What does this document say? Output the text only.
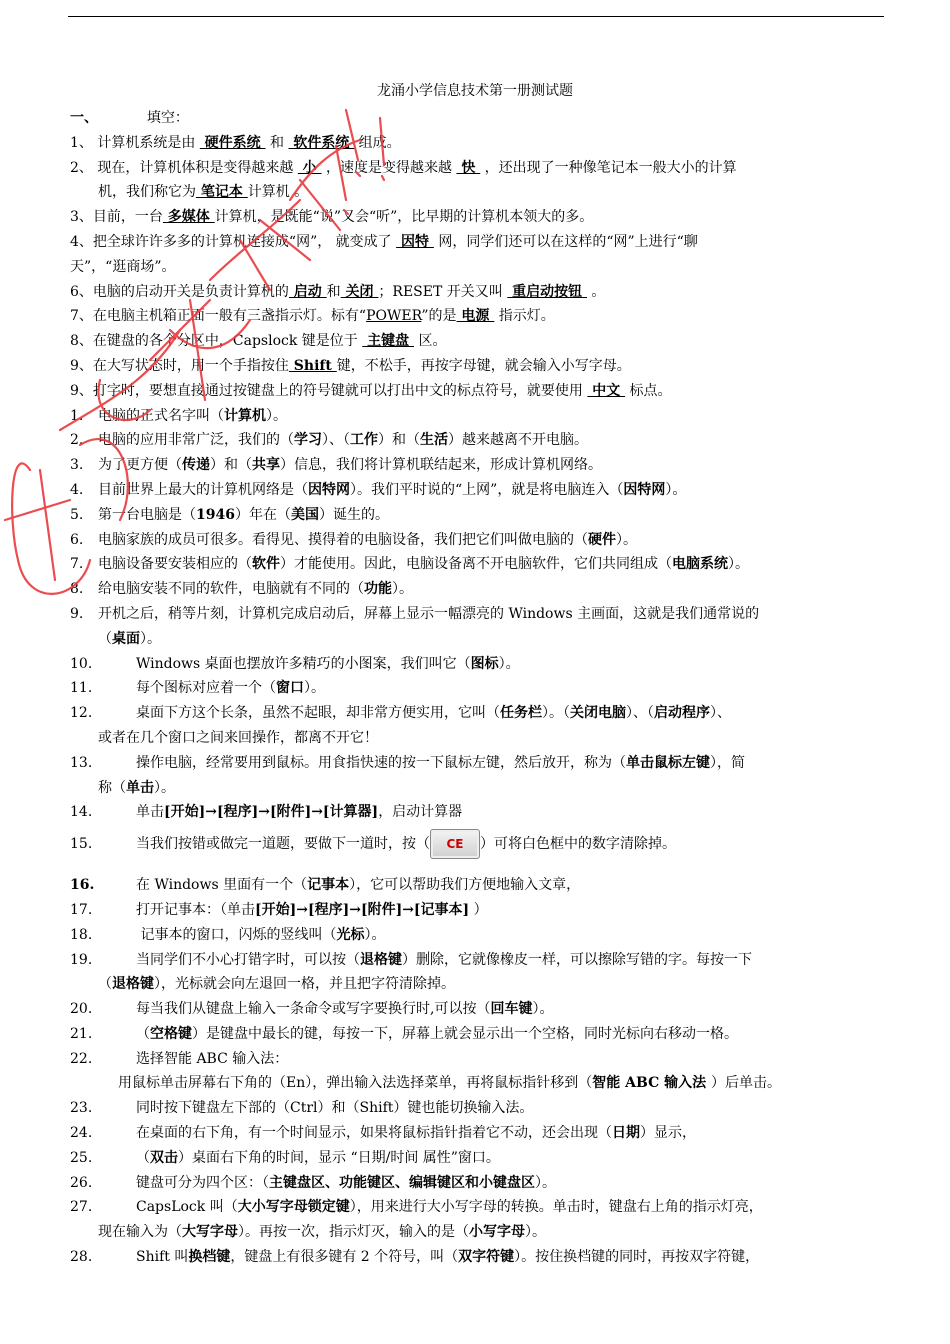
龙涌小学信息技术第一册测试题
一、	填空：
1、 计算机系统是由  硬件系统  和  软件系统  组成。
2、 现在，计算机体积是变得越来越  小  ，速度是变得越来越  快  ，还出现了一种像笔记本一般大小的计算
机，我们称它为 笔记本 计算机 。
3、目前，一台 多媒体 计算机，是既能“说”又会“听”，比早期的计算机本领大的多。
4、把全球许许多多的计算机连接成“网”， 就变成了  因特  网，同学们还可以在这样的“网”上进行“聊
天”，“逛商场”。
6、电脑的启动开关是负责计算机的 启动 和 关闭 ；RESET 开关又叫  重启动按钮  。
7、在电脑主机箱正面一般有三盏指示灯。标有“POWER”的是 电源  指示灯。
8、在键盘的各个分区中，Capslock 键是位于  主键盘  区。
9、在大写状态时，用一个手指按住 Shift 键，不松手，再按字母键，就会输入小写字母。
9、打字时，要想直接通过按键盘上的符号键就可以打出中文的标点符号，就要使用  中文  标点。
1. 电脑的正式名字叫（计算机）。
2. 电脑的应用非常广泛，我们的（学习）、（工作）和（生活）越来越离不开电脑。
3. 为了更方便（传递）和（共享）信息，我们将计算机联结起来，形成计算机网络。
4. 目前世界上最大的计算机网络是（因特网）。我们平时说的“上网”，就是将电脑连入（因特网）。
5. 第一台电脑是（1946）年在（美国）诞生的。
6. 电脑家族的成员可很多。看得见、摸得着的电脑设备，我们把它们叫做电脑的（硬件）。
7. 电脑设备要安装相应的（软件）才能使用。因此，电脑设备离不开电脑软件，它们共同组成（电脑系统）。
8. 给电脑安装不同的软件，电脑就有不同的（功能）。
9. 开机之后，稍等片刻，计算机完成启动后，屏幕上显示一幅漂亮的 Windows 主画面，这就是我们通常说的
（桌面）。
10.	Windows 桌面也摆放许多精巧的小图案，我们叫它（图标）。
11.	每个图标对应着一个（窗口）。
12.	桌面下方这个长条，虽然不起眼，却非常方便实用，它叫（任务栏）。（关闭电脑）、（启动程序）、
或者在几个窗口之间来回操作，都离不开它！
13.	操作电脑，经常要用到鼠标。用食指快速的按一下鼠标左键，然后放开，称为（单击鼠标左键），简
称（单击）。
14.	单击[开始]→[程序]→[附件]→[计算器]，启动计算器
15.	当我们按错或做完一道题，要做下一道时，按（ CE ）可将白色框中的数字清除掉。
16.	在 Windows 里面有一个（记事本），它可以帮助我们方便地输入文章，
17.	打开记事本：（单击[开始]→[程序]→[附件]→[记事本] ）
18.	记事本的窗口，闪烁的竖线叫（光标）。
19.	当同学们不小心打错字时，可以按（退格键）删除，它就像橡皮一样，可以擦除写错的字。每按一下
（退格键），光标就会向左退回一格，并且把字符清除掉。
20.	每当我们从键盘上输入一条命令或写字要换行时,可以按（回车键）。
21.	（空格键）是键盘中最长的键，每按一下，屏幕上就会显示出一个空格，同时光标向右移动一格。
22.	选择智能 ABC 输入法：
用鼠标单击屏幕右下角的（En），弹出输入法选择菜单，再将鼠标指针移到（智能 ABC 输入法 ）后单击。
23.	同时按下键盘左下部的（Ctrl）和（Shift）键也能切换输入法。
24.	在桌面的右下角，有一个时间显示，如果将鼠标指针指着它不动，还会出现（日期）显示，
25.	（双击）桌面右下角的时间，显示 “日期/时间 属性”窗口。
26.	键盘可分为四个区：（主键盘区、功能键区、编辑键区和小键盘区）。
27.	CapsLock 叫（大小写字母锁定键），用来进行大小写字母的转换。单击时，键盘右上角的指示灯亮，
现在输入为（大写字母）。再按一次，指示灯灭，输入的是（小写字母）。
28.	Shift 叫换档键，键盘上有很多键有 2 个符号，叫（双字符键）。按住换档键的同时，再按双字符键，
